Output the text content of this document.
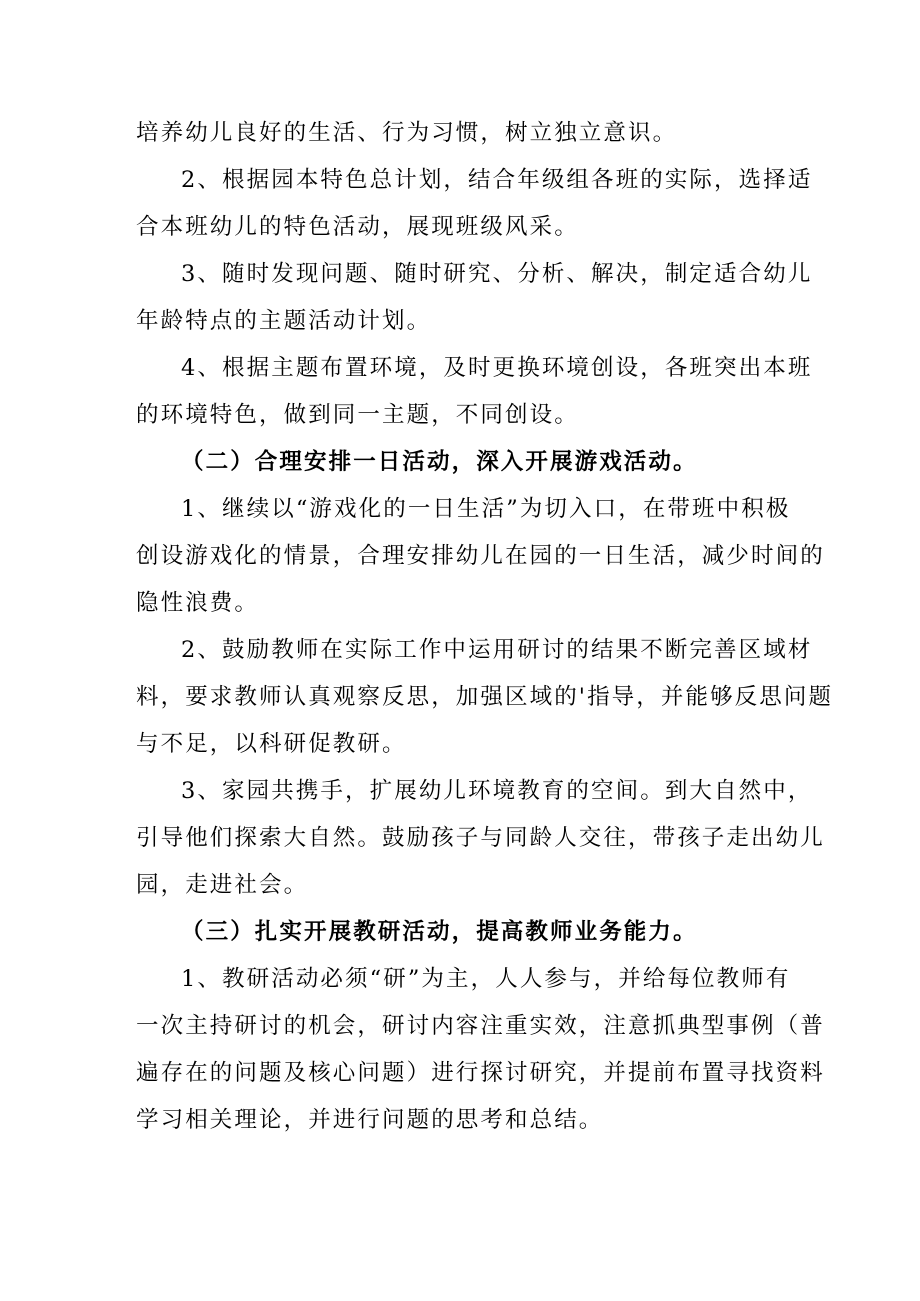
培养幼儿良好的生活、行为习惯，树立独立意识。
2、根据园本特色总计划，结合年级组各班的实际，选择适
合本班幼儿的特色活动，展现班级风采。
3、随时发现问题、随时研究、分析、解决，制定适合幼儿
年龄特点的主题活动计划。
4、根据主题布置环境，及时更换环境创设，各班突出本班
的环境特色，做到同一主题，不同创设。
（二）合理安排一日活动，深入开展游戏活动。
1、继续以“游戏化的一日生活”为切入口，在带班中积极
创设游戏化的情景，合理安排幼儿在园的一日生活，减少时间的
隐性浪费。
2、鼓励教师在实际工作中运用研讨的结果不断完善区域材
料，要求教师认真观察反思，加强区域的'指导，并能够反思问题
与不足，以科研促教研。
3、家园共携手，扩展幼儿环境教育的空间。到大自然中，
引导他们探索大自然。鼓励孩子与同龄人交往，带孩子走出幼儿
园，走进社会。
（三）扎实开展教研活动，提高教师业务能力。
1、教研活动必须“研”为主，人人参与，并给每位教师有
一次主持研讨的机会，研讨内容注重实效，注意抓典型事例（普
遍存在的问题及核心问题）进行探讨研究，并提前布置寻找资料
学习相关理论，并进行问题的思考和总结。
